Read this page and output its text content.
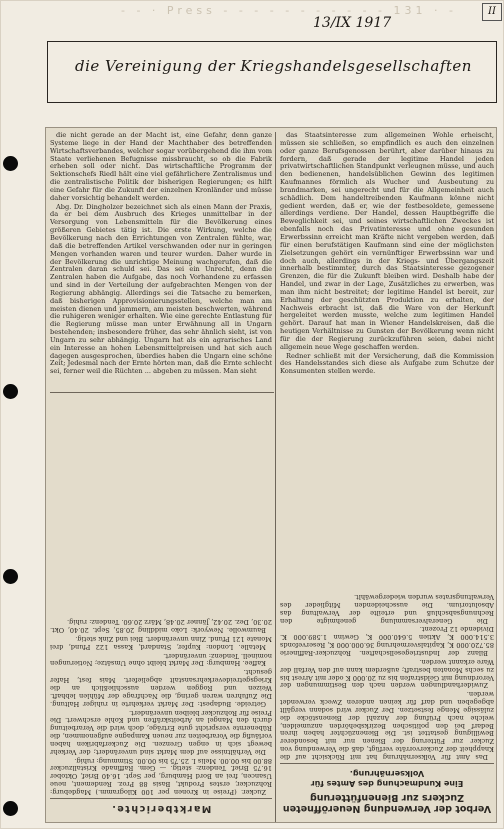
- - · Press - - - - - - - - - - - 131 · -
13/IX 1917
II
die Vereinigung der Kriegshandelsgesellschaften

die nicht gerade an der Macht ist, eine Gefahr, denn ganze Systeme liege in der Hand der Machthaber des betreffenden Wirtschaftsverbandes, welcher sogar vorübergehend die ihm vom Staate verliehenen Befugnisse missbraucht, so ob die Fabrik erheben soll oder nicht. Das wirtschaftliche Programm der Sektionschefs Riedl hält eine viel gefährlichere Zentralismus und die zentralistische Politik der bisherigen Regierungen; es hilft eine Gefahr für die Zukunft der einzelnen Kronländer und müsse daher vorsichtig behandelt werden.

Abg. Dr. Dingholzer bezeichnet sich als einen Mann der Praxis, da er bei dem Ausbruch des Krieges unmittelbar in der Versorgung von Lebensmitteln für die Bevölkerung eines größeren Gebietes tätig ist. Die erste Wirkung, welche die Bevölkerung nach den Errichtungen von Zentralen fühlte, war, daß die betreffenden Artikel verschwanden oder nur in geringen Mengen vorhanden waren und teurer wurden. Daher wurde in der Bevölkerung die unrichtige Meinung wachgerufen, daß die Zentralen daran schuld sei. Das sei ein Unrecht, denn die Zentralen haben die Aufgabe, das noch Vorhandene zu erfassen und sind in der Verteilung der aufgebrachten Mengen von der Regierung abhängig. Allerdings sei die Tatsache zu bemerken, daß bisherigen Approvisionierungsstellen, welche man am meisten dienen und jammern, am meisten beschwerten, während die ruhigeren weniger erhalten. Wie eine gerechte Entlastung für die Regierung müsse man unter Erwähnung all in Ungarn bestehenden; insbesondere früher, das sehr ähnlich sieht, ist von Ungarn zu sehr abhängig. Ungarn hat als ein agrarisches Land ein Interesse an hohen Lebensmittelpreisen und hat sich auch dagegen ausgesprochen, überdies haben die Ungarn eine schöne Zeit; Jedesmal nach der Ernte hörten man, daß die Ernte schlecht sei, ferner weil die Rüchten ... abgeben zu müssen. Man sieht

das Staatsinteresse zum allgemeinen Wohle erheischt, müssen sie schließen, so empfindlich es auch den einzelnen oder ganze Berufsgenossen berührt, aber darüber hinaus zu fordern, daß gerade der legitime Handel jeden privatwirtschaftlichen Standpunkt verleugnen müsse, und auch den bedienenen, handelsüblichen Gewinn des legitimen Kaufmannes förmlich als Wucher und Ausbeutung zu brandmarken, sei ungerecht und für die Allgemeinheit auch schädlich. Dem handeltreibenden Kaufmann könne nicht gedient werden, daß er, wie der festbesoldete, gemessene allerdings verdiene. Der Handel, dessen Hauptbegriffe die Beweglichkeit sei, und seines wirtschaftlichen Zweckes ist ebenfalls noch das Privatinteresse und ohne gesunden Erwerbssinn erreicht man Kräfte nicht vergeben werden, daß für einen berufstätigen Kaufmann sind eine der möglichsten Zielsetzungen gehört ein vernünftiger Erwerbssinn war und doch auch, allerdings in der Kriegs- und Übergangszeit innerhalb bestimmter, durch das Staatsinteresse gezogener Grenzen, die für die Zukunft bleiben wird. Deshalb habe der Handel, und zwar in der Lage, Zusätzliches zu erwerben, was man ihm nicht bestreitet; der legitime Handel ist bereit, zur Erhaltung der geschützten Produktion zu erhalten, der Nachweis erbracht ist, daß die Ware von der Herkunft hergeleitet werden musste, welche zum legitimen Handel gehört. Darauf hat man in Wiener Handelskreisen, daß die heutigen Verhältnisse zu Gunsten der Bevölkerung wenn nicht für die der Regierung zurückzuführen seien, dabei nicht allgemein neue Wege geschaffen werden.

Redner schließt mit der Versicherung, daß die Kommission des Handelsstandes sich diese als Aufgabe zum Schutze der Konsumenten stellen werde.

Marktberichte.

Zucker. (Preise in Kronen per 100 Kilogramm.) Magdeburg: Rohzucker, erstes Produkt, Basis 88 Proz. Rendement, neue Usancen, frei an Bord Hamburg, per Sept. 16.40 Brief, Oktober 16.75 Brief. Tendenz: stetig. — Gem. Raffinade Kristallzucker 88.00 bis 00.00. Melis I. 25.75 bis 00.00. Stimmung: ruhig.

Die Verhältnisse auf dem Markt sind unverändert; der Verkehr bewegt sich in engen Grenzen. Die Zuckerfabriken haben vorläufig die Vorarbeiten zur neuen Kampagne aufgenommen, die Rübenernte verspricht gute Erträge, doch wird die Verarbeitung durch den Mangel an Arbeitskräften und Kohle erschwert. Die Preise für Rohzucker bleiben unverändert.

Getreide. Budapest: Der Markt verkehrte in ruhiger Haltung. Die Zufuhren waren gering, die Nachfrage der Mühlen lebhaft. Weizen und Roggen werden ausschließlich an die Kriegsgetreideverkehrsanstalt abgeliefert. Mais fest, Hafer gesucht.

Kaffee. Hamburg: Der Markt bleibt ohne Umsätze; Notierungen nominell. Tendenz: unverändert.

Metalle. London: Kupfer, Standard, Kassa 122 Pfund, drei Monate 121 Pfund. Zinn unverändert. Blei und Zink stetig.

Baumwolle. Newyork: Loko middling 20.85, Sept. 20.40, Okt. 20.30, Dez. 20.42, Jänner 20.48, März 20.60. Tendenz: ruhig.

Verbot der Verwendung Neueröffneten Zuckers zur Bienenfütterung
Eine Kundmachung des Amtes für Volksernährung.

Das Amt für Volksernährung hat mit Rücksicht auf die Knappheit der Zuckervorräte verfügt, daß die Verwendung von Zucker zur Fütterung der Bienen nur mit besonderer Bewilligung gestattet ist. Die Bienenzüchter haben ihren Bedarf bei den politischen Bezirksbehörden anzumelden, welche nach Prüfung der Anzahl der Bienenstöcke die zulässige Menge festsetzen. Der Zucker wird sodann vergällt abgegeben und darf für keinen anderen Zweck verwendet werden.

Zuwiderhandlungen werden nach den Bestimmungen der Verordnung mit Geldstrafen bis zu 20.000 K oder mit Arrest bis zu sechs Monaten bestraft; außerdem kann auf den Verfall der Ware erkannt werden.

Bilanz der Industriegesellschaften. Rohzucker-Raffinerie 85.720.000 K, Kapitalsvermehrung 36.000.000 K, Reservefonds 3.514.000 K, Aktien 5.640.000 K, Gewinn 1.589.000 K. Dividende 12 Prozent.

Die Generalversammlung genehmigte den Rechnungsabschluß und erteilte der Verwaltung das Absolutorium. Die ausscheidenden Mitglieder des Verwaltungsrates wurden wiedergewählt.
